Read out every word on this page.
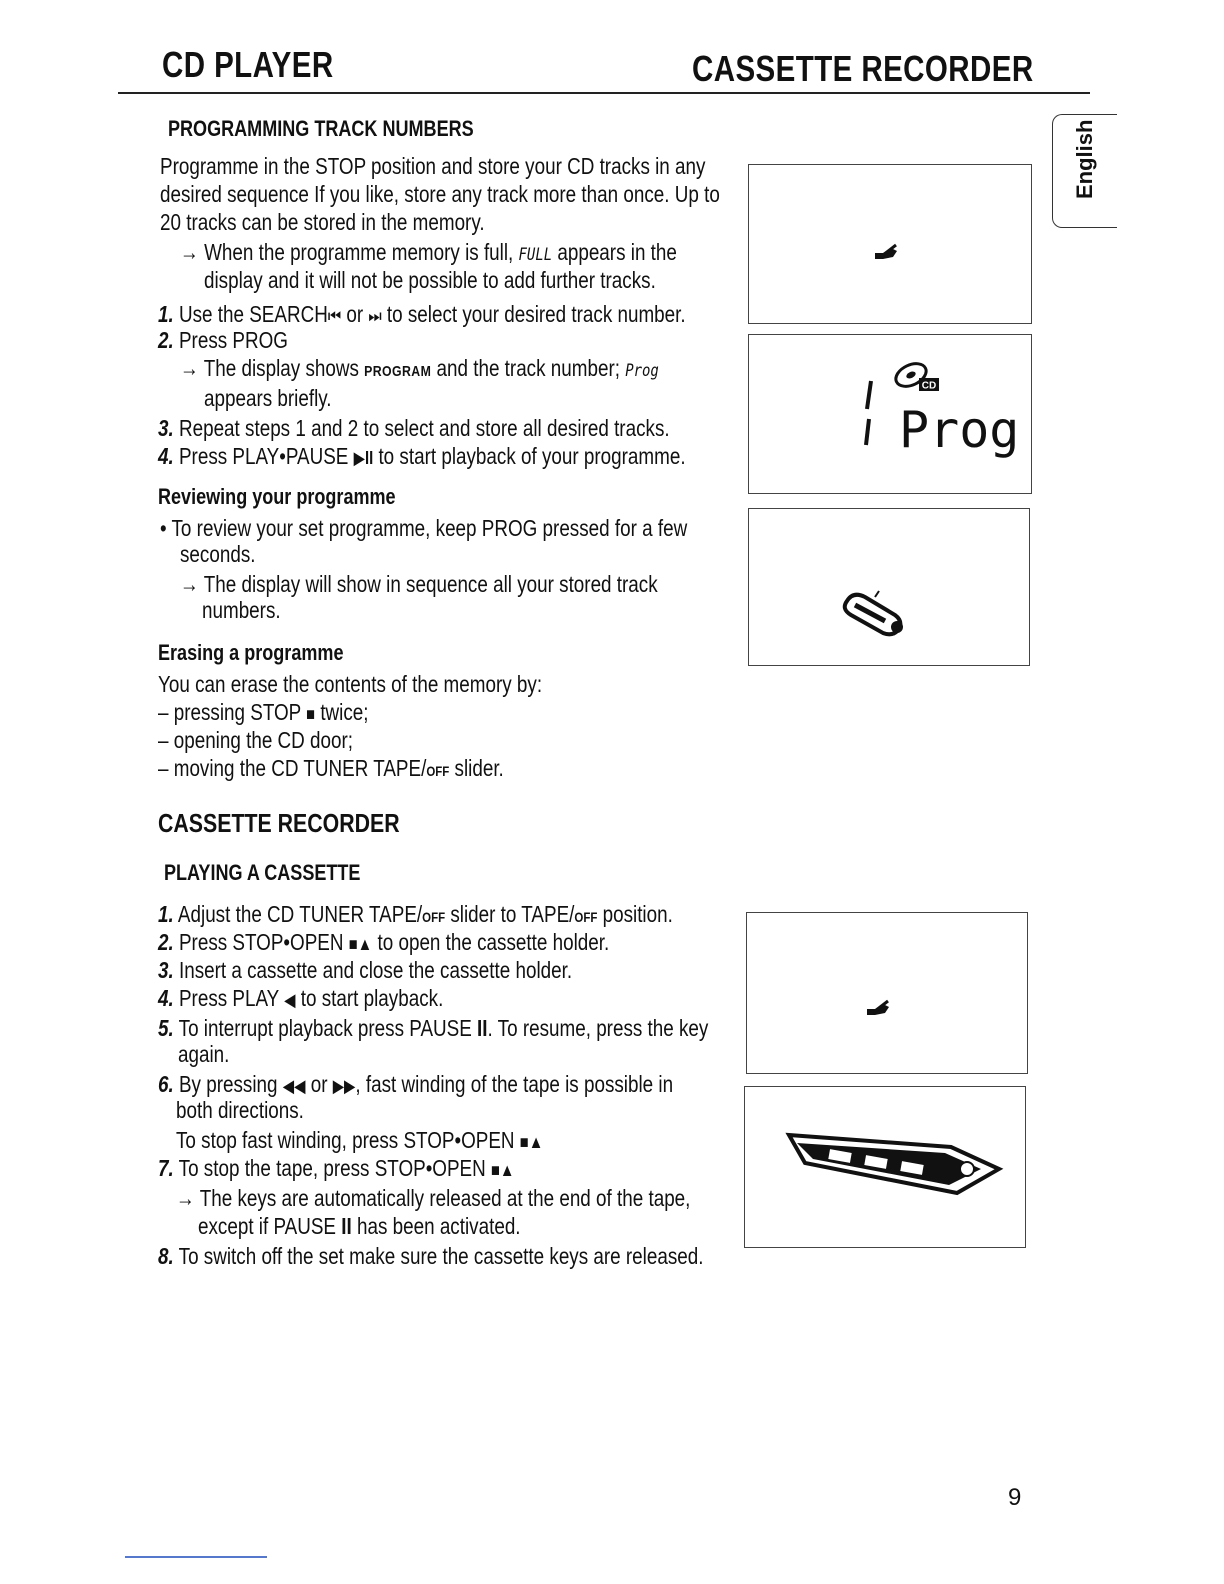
CD PLAYER	CASSETTE RECORDER
English
PROGRAMMING TRACK NUMBERS
Programme in the STOP position and store your CD tracks in any
desired sequence If you like, store any track more than once. Up to
20 tracks can be stored in the memory.
→ When the programme memory is full, FULL appears in the
display and it will not be possible to add further tracks.
1. Use the SEARCH⏮ or ⏭ to select your desired track number.
2. Press PROG
→ The display shows PROGRAM and the track number; Prog
appears briefly.
3. Repeat steps 1 and 2 to select and store all desired tracks.
4. Press PLAY•PAUSE ▶II to start playback of your programme.
Reviewing your programme
• To review your set programme, keep PROG pressed for a few
seconds.
→ The display will show in sequence all your stored track
numbers.
Erasing a programme
You can erase the contents of the memory by:
– pressing STOP ■ twice;
– opening the CD door;
– moving the CD TUNER TAPE/OFF slider.
CASSETTE RECORDER
PLAYING A CASSETTE
1. Adjust the CD TUNER TAPE/OFF slider to TAPE/OFF position.
2. Press STOP•OPEN ■▲ to open the cassette holder.
3. Insert a cassette and close the cassette holder.
4. Press PLAY ◀ to start playback.
5. To interrupt playback press PAUSE II. To resume, press the key
again.
6. By pressing ◀◀ or ▶▶, fast winding of the tape is possible in
both directions.
To stop fast winding, press STOP•OPEN ■▲
7. To stop the tape, press STOP•OPEN ■▲
→ The keys are automatically released at the end of the tape,
except if PAUSE II has been activated.
8. To switch off the set make sure the cassette keys are released.
CD
Prog
9
